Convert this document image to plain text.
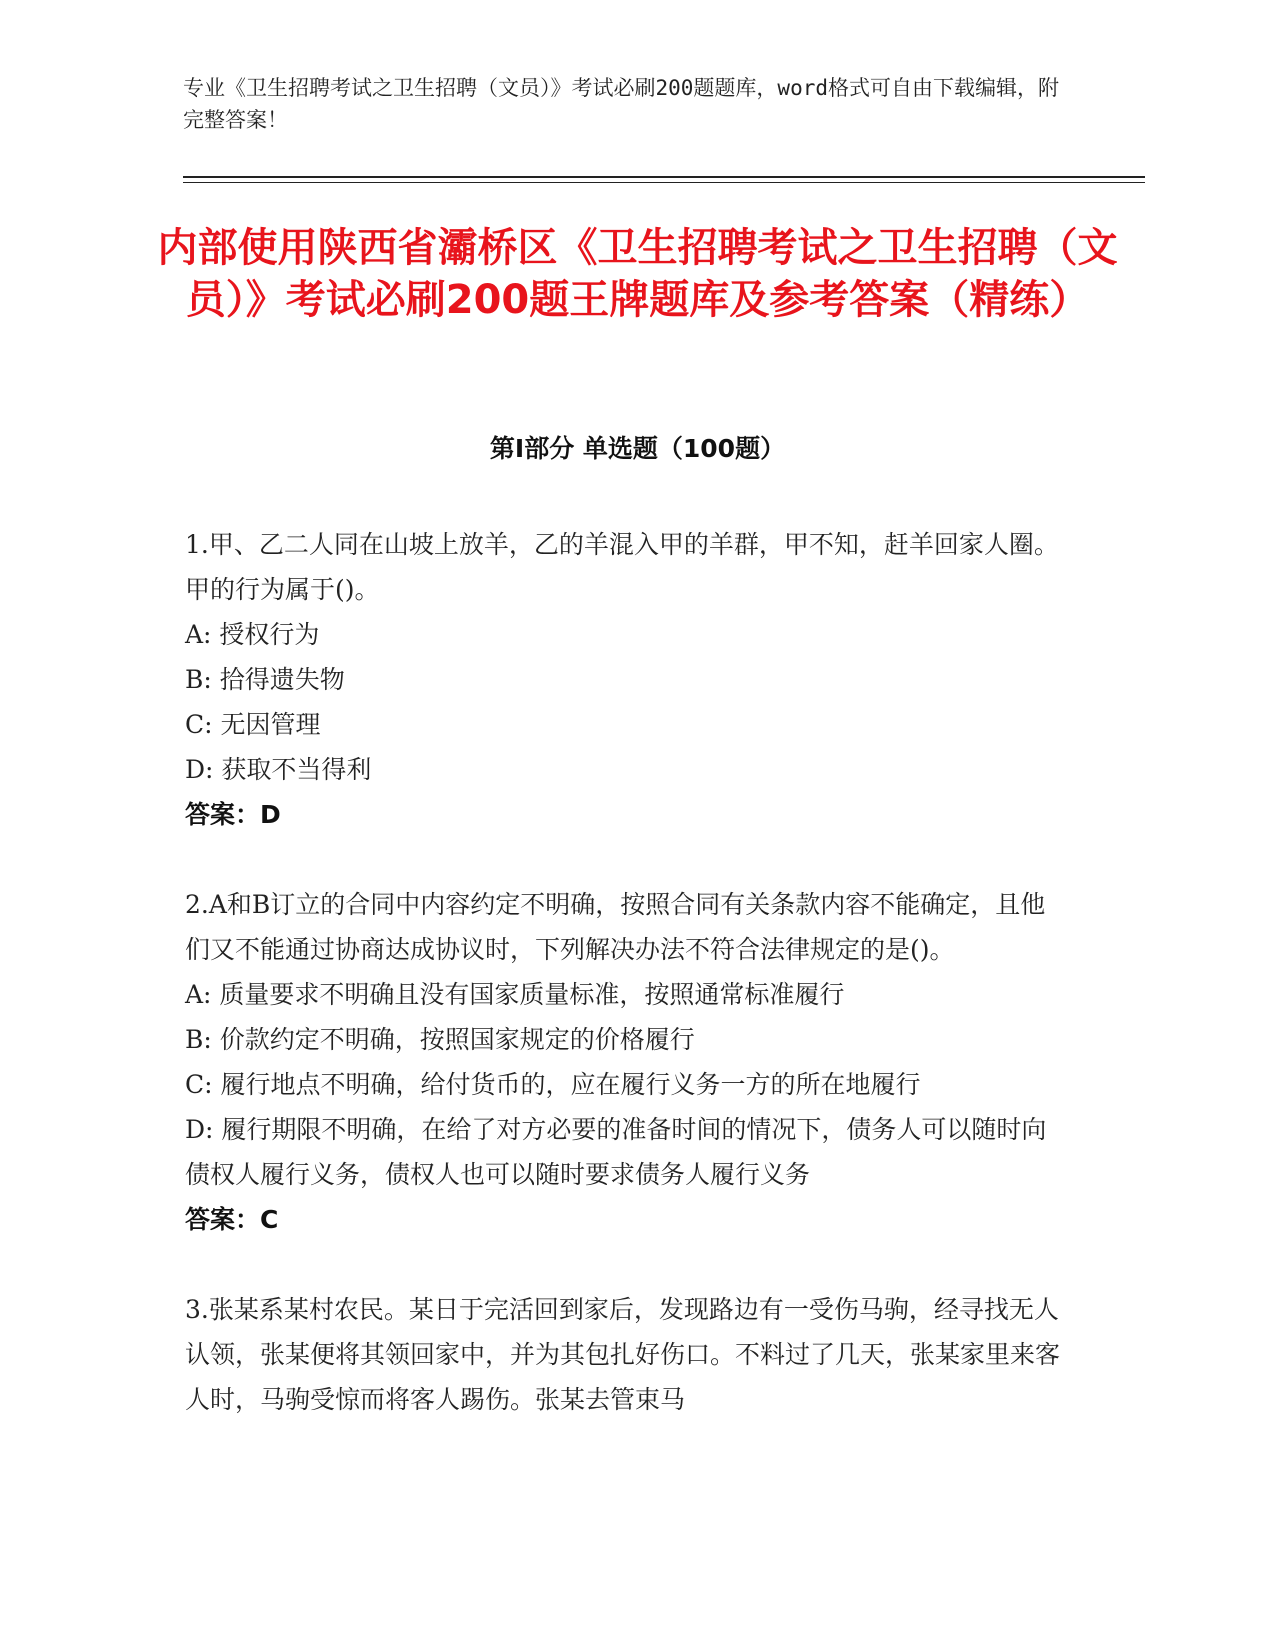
专业《卫生招聘考试之卫生招聘（文员）》考试必刷200题题库，word格式可自由下载编辑，附完整答案！
内部使用陕西省灞桥区《卫生招聘考试之卫生招聘（文员）》考试必刷200题王牌题库及参考答案（精练）
第Ⅰ部分 单选题（100题）

1.甲、乙二人同在山坡上放羊，乙的羊混入甲的羊群，甲不知，赶羊回家人圈。甲的行为属于()。

A: 授权行为

B: 拾得遗失物

C: 无因管理

D: 获取不当得利

答案：D

2.A和B订立的合同中内容约定不明确，按照合同有关条款内容不能确定，且他们又不能通过协商达成协议时，下列解决办法不符合法律规定的是()。

A: 质量要求不明确且没有国家质量标准，按照通常标准履行

B: 价款约定不明确，按照国家规定的价格履行

C: 履行地点不明确，给付货币的，应在履行义务一方的所在地履行

D: 履行期限不明确，在给了对方必要的准备时间的情况下，债务人可以随时向债权人履行义务，债权人也可以随时要求债务人履行义务

答案：C

3.张某系某村农民。某日于完活回到家后，发现路边有一受伤马驹，经寻找无人认领，张某便将其领回家中，并为其包扎好伤口。不料过了几天，张某家里来客人时，马驹受惊而将客人踢伤。张某去管束马
